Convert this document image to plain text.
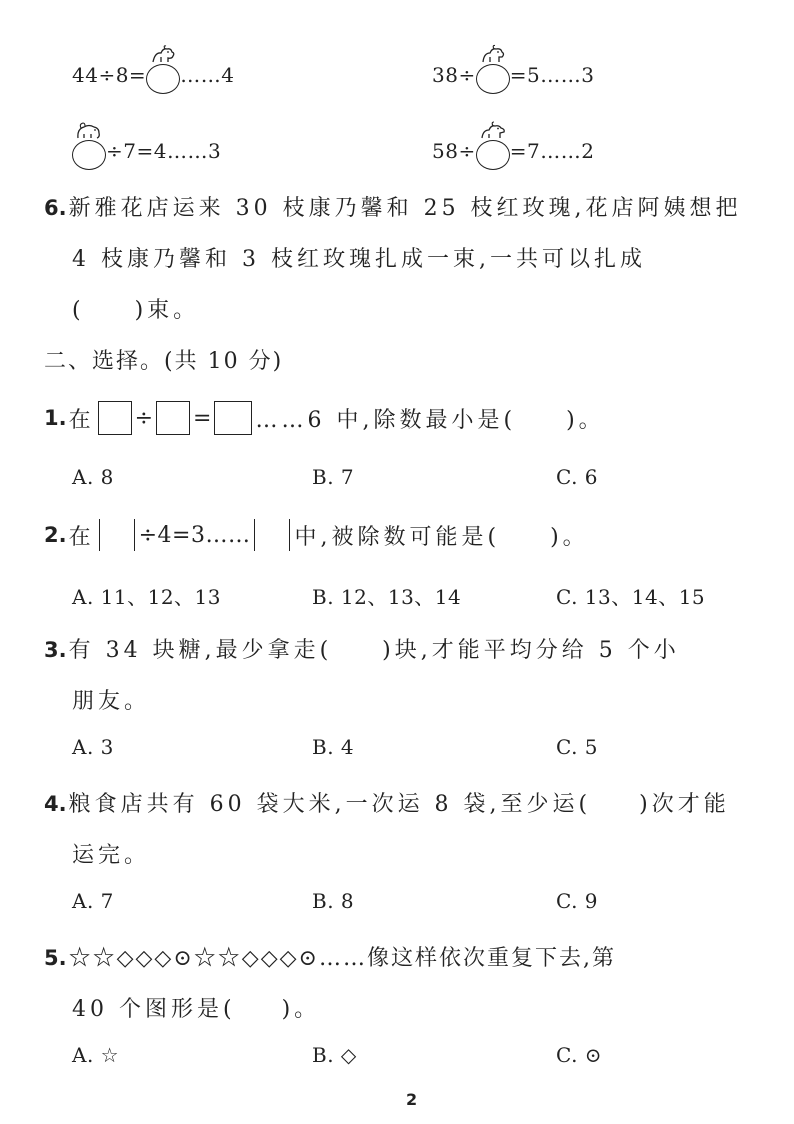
44÷8= ……4	38÷ =5……3
÷7=4……3	58÷ =7……2
6.新雅花店运来 30 枝康乃馨和 25 枝红玫瑰,花店阿姨想把
4 枝康乃馨和 3 枝红玫瑰扎成一束,一共可以扎成
( )束。
二、选择。(共 10 分)
1. 在 ÷ = ……6 中,除数最小是( )。
A. 8	B. 7	C. 6
2. 在 ÷4=3…… 中,被除数可能是( )。
A. 11、12、13	B. 12、13、14	C. 13、14、15
3.有 34 块糖,最少拿走( )块,才能平均分给 5 个小
朋友。
A. 3	B. 4	C. 5
4.粮食店共有 60 袋大米,一次运 8 袋,至少运( )次才能
运完。
A. 7	B. 8	C. 9
5.☆☆◇◇◇⊙☆☆◇◇◇⊙……像这样依次重复下去,第
40 个图形是( )。
A. ☆	B. ◇	C. ⊙
2
